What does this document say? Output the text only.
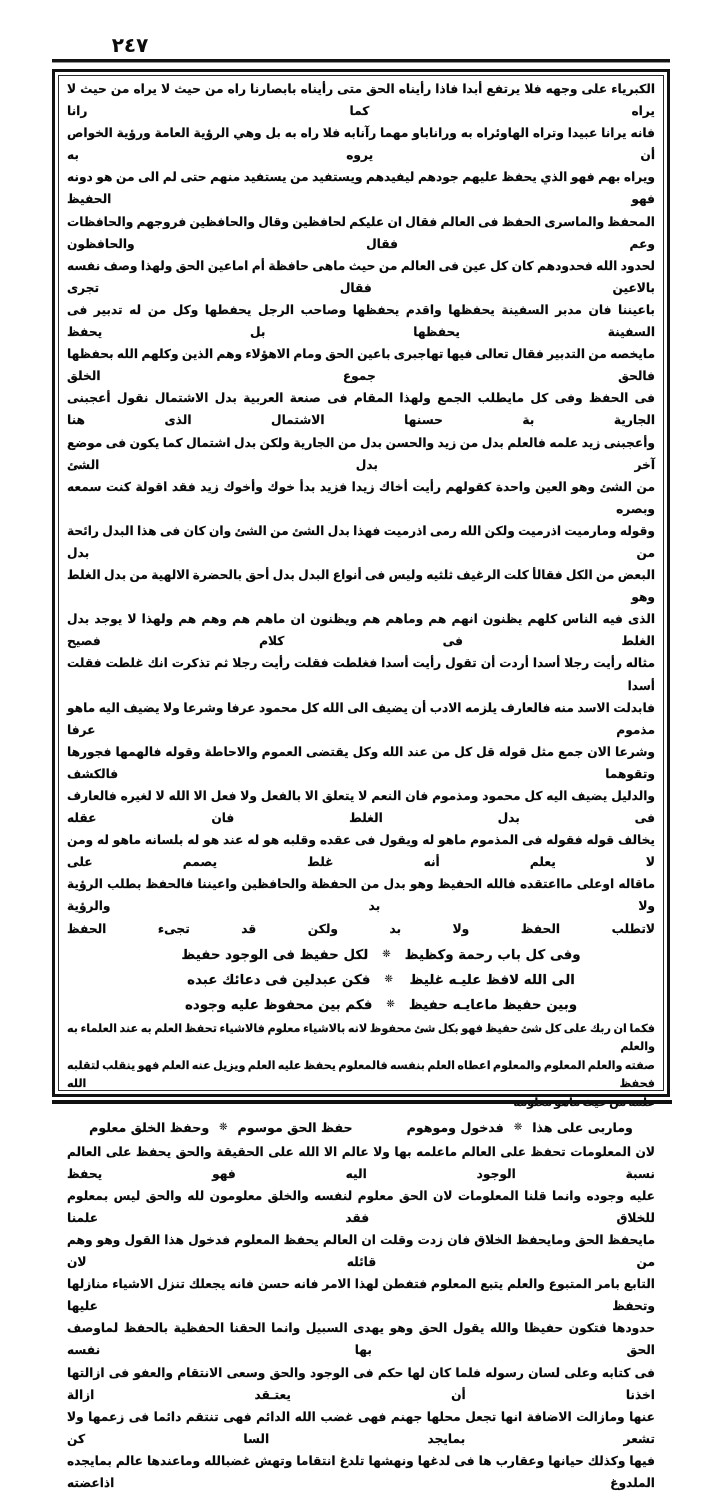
٢٤٧
الكبرياء على وجهه فلا يرتفع أبدا فاذا رأيناه الحق متى رأيناه بابصارنا راه من حيث لا يراه من حيث لا يراه كما رانا
فانه يرانا عبيدا وتراه الهاوئراه به وراناباو مهما رآنابه فلا راه به بل وهي الرؤية العامة ورؤية الخواص أن يروه به
ويراه بهم فهو الذي يحفظ عليهم جودهم ليفيدهم ويستفيد من يستفيد منهم حتى لم الى من هو دونه فهو الحفيظ
المحفظ والماسرى الحفظ فى العالم فقال ان عليكم لحافظين وقال والحافظين فروجهم والحافظات وعم فقال والحافظون
لحدود الله فحدودهم كان كل عين فى العالم من حيث ماهى حافظة أم اماعين الحق ولهذا وصف نفسه بالاعين فقال تجرى
باعيننا فان مدبر السفينة يحفظها واقدم يحفظها وصاحب الرجل يحفطها وكل من له تدبير فى السفينة يحفظها بل يحفظ
مايخصه من التدبير فقال تعالى فيها تهاجبرى باعين الحق ومام الاهؤلاء وهم الذين وكلهم الله بحفظها فالحق جموع الخلق
فى الحفظ وفى كل مايطلب الجمع ولهذا المقام فى صنعة العربية بدل الاشتمال نقول أعجبنى الجارية بة حسنها الاشتمال الذى هنا
وأعجبنى زيد علمه فالعلم بدل من زيد والحسن بدل من الجارية ولكن بدل اشتمال كما يكون فى موضع آخر بدل الشئ
من الشئ وهو العين واحدة كقولهم رأيت أخاك زيدا فزيد بدأ خوك وأخوك زيد فقد اقولة كنت سمعه وبصره
وقوله ومارميت اذرميت ولكن الله رمى اذرميت فهذا بدل الشئ من الشئ وان كان فى هذا البدل رائحة من بدل
البعض من الكل فقالأ كلت الرغيف ثلثيه وليس فى أنواع البدل بدل أحق بالحضرة الالهية من بدل الغلط وهو
الذى فيه الناس كلهم يظنون انهم هم وماهم هم ويظنون ان ماهم هم وهم هم ولهذا لا يوجد بدل الغلط فى كلام فصيح
مثاله رأيت رجلا أسدا أردت أن تقول رأيت أسدا فغلطت فقلت رأيت رجلا ثم تذكرت انك غلطت فقلت أسدا
فابدلت الاسد منه فالعارف يلزمه الادب أن يضيف الى الله كل محمود عرفا وشرعا ولا يضيف اليه ماهو مذموم عرفا
وشرعا الان جمع مثل قوله قل كل من عند الله وكل يقتضى العموم والاحاطة وقوله فالهمها فجورها وتقوهما فالكشف
والدليل يضيف اليه كل محمود ومذموم فان النعم لا يتعلق الا بالفعل ولا فعل الا الله لا لغيره فالعارف فى بدل الغلط فان عقله
يخالف قوله فقوله فى المذموم ماهو له ويقول فى عقده وقلبه هو له عند هو له بلسانه ماهو له ومن لا يعلم أنه غلط يصمم على
ماقاله اوعلى مااعتقده فالله الحفيظ وهو بدل من الحفظة والحافظين واعيننا فالحفظ بطلب الرؤية ولا بد والرؤية
لاتطلب الحفظ ولا بد ولكن قد تجىء الحفظ
وفى كل باب رحمة وكظيظ
❊
لكل حفيظ فى الوجود حفيظ
الى الله لافظ عليـه غليظ
❊
فكن عبدلين فى دعائك عبده
وبين حفيظ ماعايـه حفيظ
❊
فكم بين محفوظ عليه وجوده
فكما ان ربك على كل شئ حفيظ فهو بكل شئ محفوظ لانه بالاشياء معلوم فالاشياء تحفظ العلم به عند العلماء به والعلم
صفته والعلم المعلوم والمعلوم اعطاه العلم بنفسه فالمعلوم يحفظ عليه العلم ويزيل عنه العلم فهو ينقلب لتقلبه فحفظ الله
وماربى على هذا
❊
فدخول وموهوم
حفظ الحق موسوم
❊
وحفظ الخلق معلوم
لان المعلومات تحفظ على العالم ماعلمه بها ولا عالم الا الله على الحقيقة والحق يحفظ على العالم نسبة الوجود اليه فهو يحفظ
عليه وجوده وانما قلنا المعلومات لان الحق معلوم لنفسه والخلق معلومون لله والحق ليس بمعلوم للخلاق فقد علمنا
مايحفظ الحق ومايحفظ الخلاق فان زدت وقلت ان العالم يحفظ المعلوم فدخول هذا القول وهو وهم من قائله لان
التابع بامر المتبوع والعلم يتبع المعلوم فتفطن لهذا الامر فانه حسن فانه يجعلك تنزل الاشياء منازلها وتحفظ عليها
حدودها فتكون حفيظا والله يقول الحق وهو يهدى السبيل وانما الحقنا الحفظية بالحفظ لماوصف الحق بها نفسه
فى كتابه وعلى لسان رسوله فلما كان لها حكم فى الوجود والحق وسعى الانتقام والعفو فى ازالتها اخذنا أن يعتـقد ازالة
عنها ومازالت الاضافة انها تجعل محلها جهنم فهى غضب الله الدائم فهى تنتقم دائما فى زعمها ولا تشعر بمايجد السا كن
فيها وكذلك حيانها وعقارب ها فى لدغها ونهشها تلدغ انتقاما وتهش غضبالله وماعندها عالم بمايجده الملدوغ اذاعضته
